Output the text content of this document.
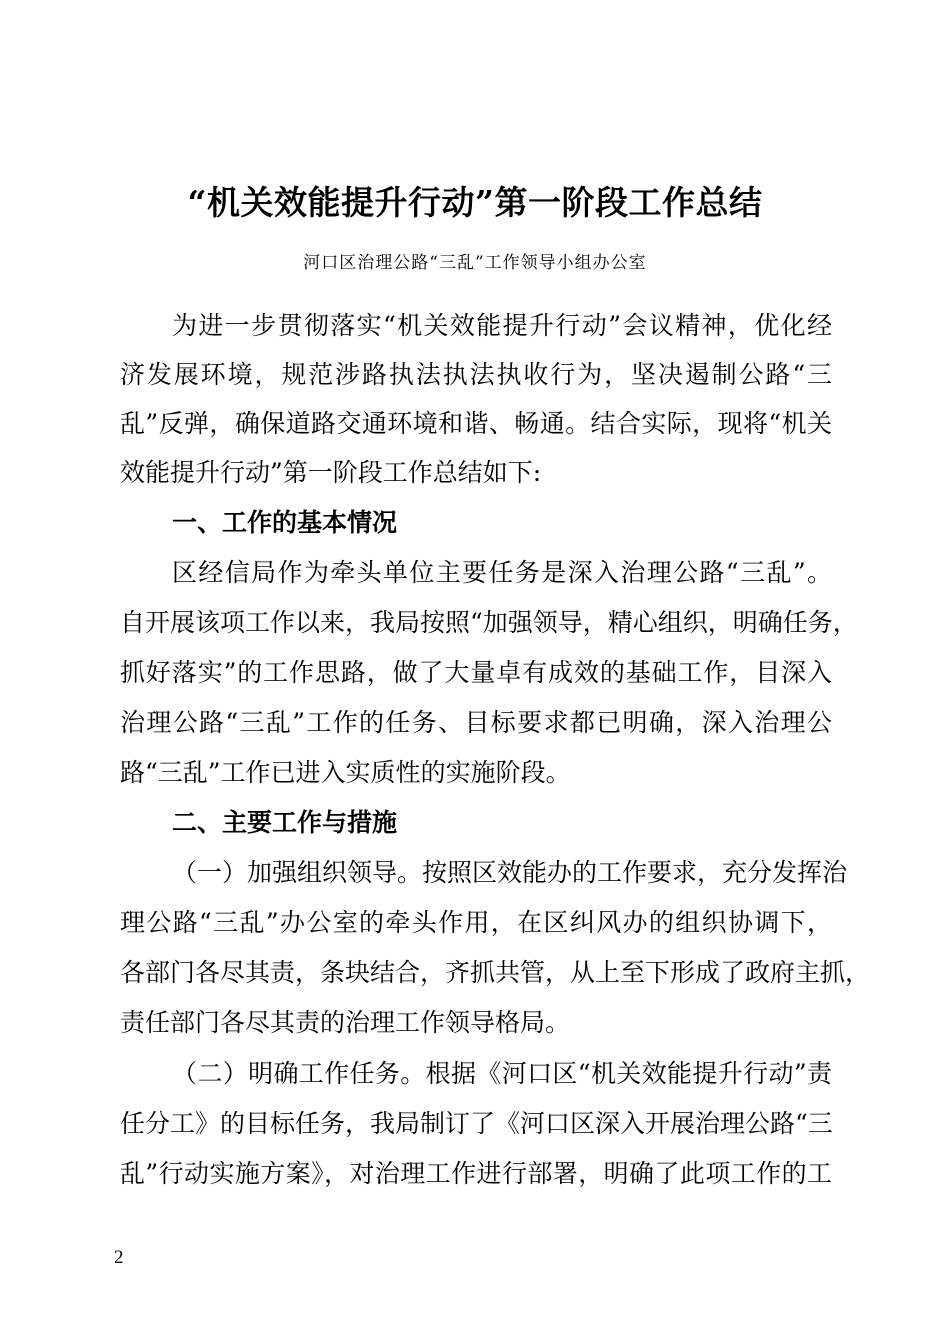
“机关效能提升行动”第一阶段工作总结
河口区治理公路“三乱”工作领导小组办公室
为进一步贯彻落实“机关效能提升行动”会议精神，优化经
济发展环境，规范涉路执法执法执收行为，坚决遏制公路“三
乱”反弹，确保道路交通环境和谐、畅通。结合实际，现将“机关
效能提升行动”第一阶段工作总结如下:
一、工作的基本情况
区经信局作为牵头单位主要任务是深入治理公路“三乱”。
自开展该项工作以来，我局按照“加强领导，精心组织，明确任务，
抓好落实”的工作思路，做了大量卓有成效的基础工作，目深入
治理公路“三乱”工作的任务、目标要求都已明确，深入治理公
路“三乱”工作已进入实质性的实施阶段。
二、主要工作与措施
（一）加强组织领导。按照区效能办的工作要求，充分发挥治
理公路“三乱”办公室的牵头作用，在区纠风办的组织协调下，
各部门各尽其责，条块结合，齐抓共管，从上至下形成了政府主抓，
责任部门各尽其责的治理工作领导格局。
（二）明确工作任务。根据《河口区“机关效能提升行动”责
任分工》的目标任务，我局制订了《河口区深入开展治理公路“三
乱”行动实施方案》，对治理工作进行部署，明确了此项工作的工
2
